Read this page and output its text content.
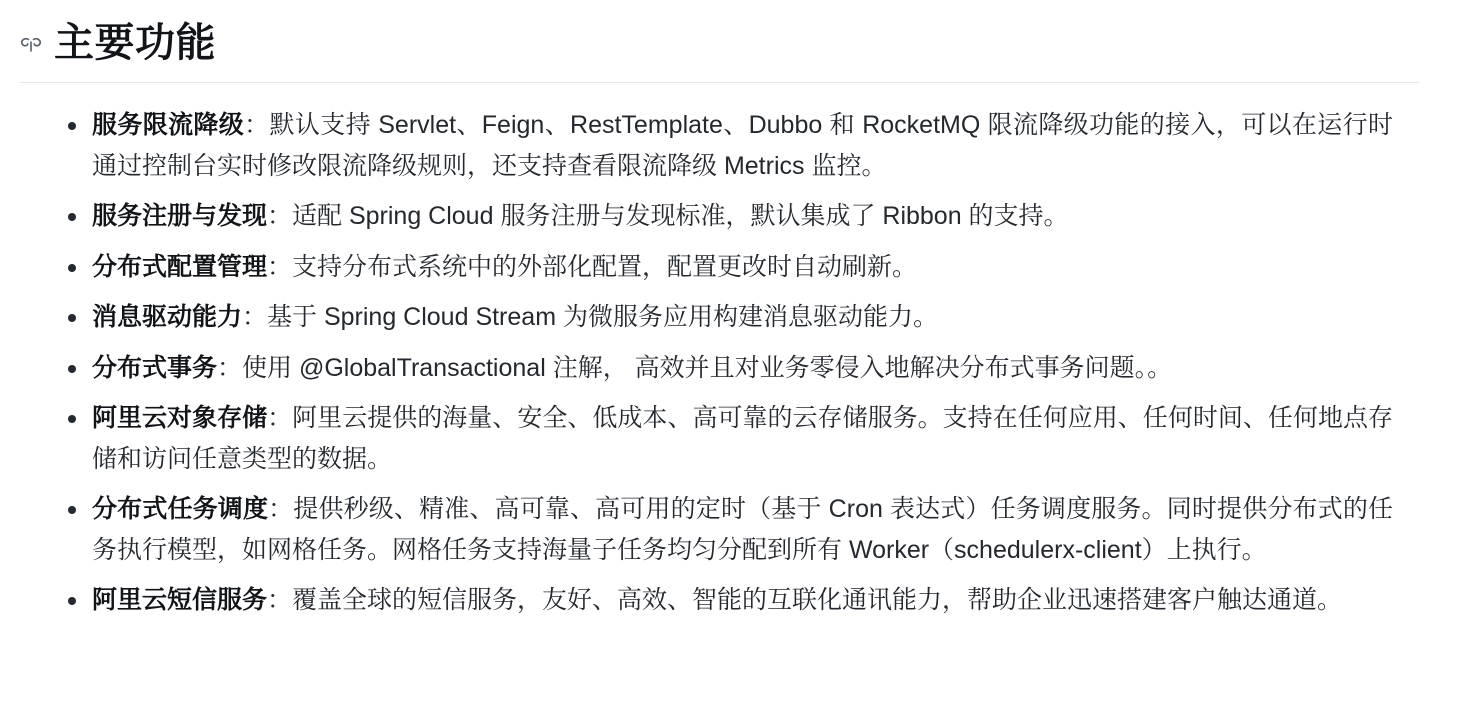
主要功能
服务限流降级：默认支持 Servlet、Feign、RestTemplate、Dubbo 和 RocketMQ 限流降级功能的接入，可以在运行时通过控制台实时修改限流降级规则，还支持查看限流降级 Metrics 监控。
服务注册与发现：适配 Spring Cloud 服务注册与发现标准，默认集成了 Ribbon 的支持。
分布式配置管理：支持分布式系统中的外部化配置，配置更改时自动刷新。
消息驱动能力：基于 Spring Cloud Stream 为微服务应用构建消息驱动能力。
分布式事务：使用 @GlobalTransactional 注解， 高效并且对业务零侵入地解决分布式事务问题。。
阿里云对象存储：阿里云提供的海量、安全、低成本、高可靠的云存储服务。支持在任何应用、任何时间、任何地点存储和访问任意类型的数据。
分布式任务调度：提供秒级、精准、高可靠、高可用的定时（基于 Cron 表达式）任务调度服务。同时提供分布式的任务执行模型，如网格任务。网格任务支持海量子任务均匀分配到所有 Worker（schedulerx-client）上执行。
阿里云短信服务：覆盖全球的短信服务，友好、高效、智能的互联化通讯能力，帮助企业迅速搭建客户触达通道。
